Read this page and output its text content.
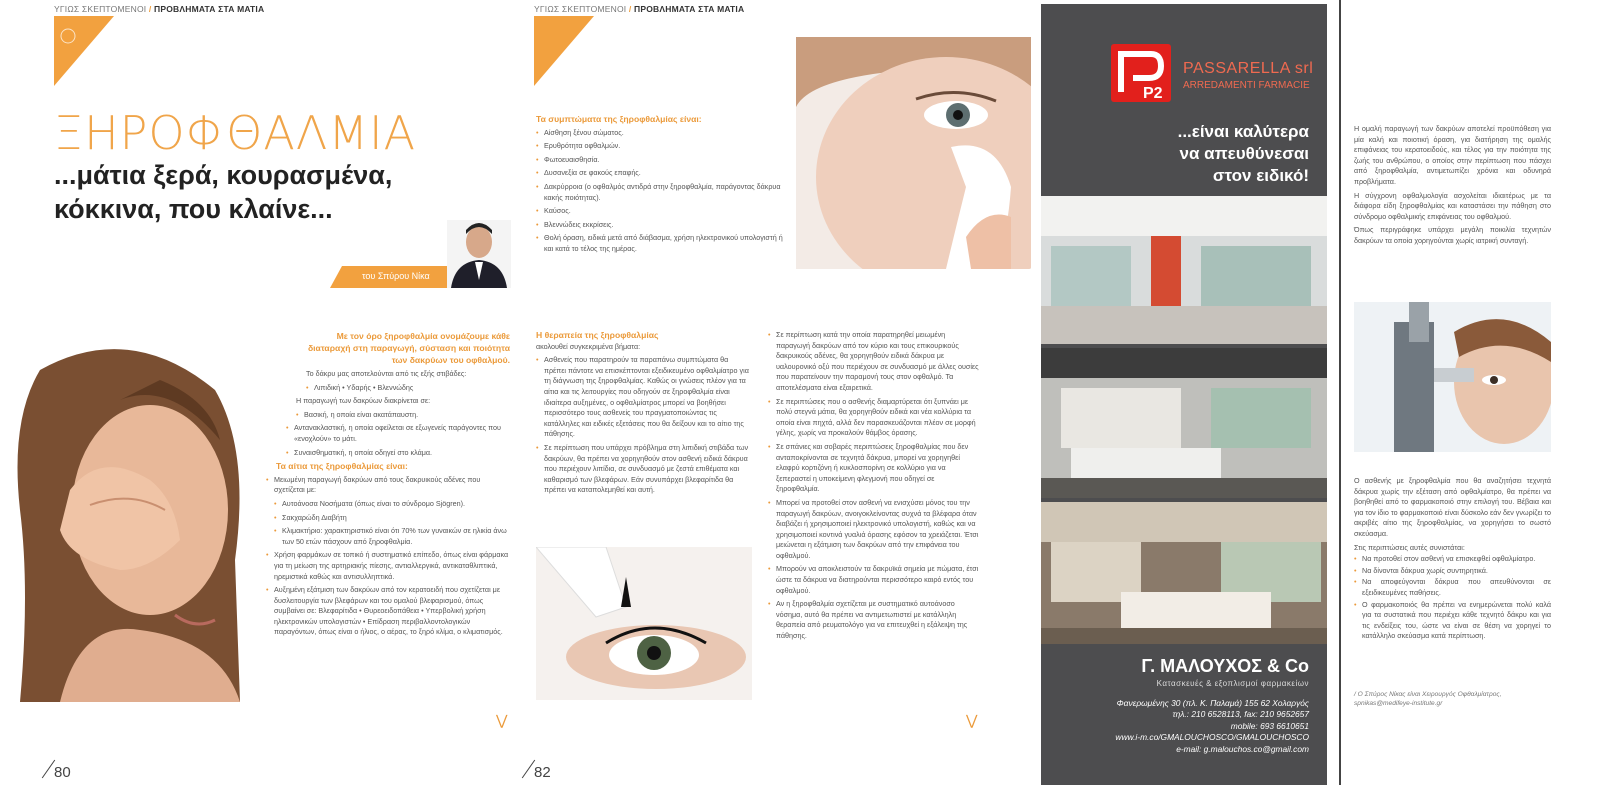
ΥΓΙΩΣ ΣΚΕΠΤΟΜΕΝΟΙ / ΠΡΟΒΛΗΜΑΤΑ ΣΤΑ ΜΑΤΙΑ
ΞΗΡΟΦΘΑΛΜΙΑ
...μάτια ξερά, κουρασμένα,
κόκκινα, που κλαίνε...
του Σπύρου Νίκα

Με τον όρο ξηροφθαλμία ονομάζουμε κάθε διαταραχή στη παραγωγή, σύσταση και ποιότητα των δακρύων του οφθαλμού.

Το δάκρυ μας αποτελούνται από τις εξής στιβάδες:

• Λιπιδική • Υδαρής • Βλεννώδης

Η παραγωγή των δακρύων διακρίνεται σε:

• Βασική, η οποία είναι ακατάπαυστη.

• Αντανακλαστική, η οποία οφείλεται σε εξωγενείς παράγοντες που «ενοχλούν» το μάτι.

• Συναισθηματική, η οποία οδηγεί στο κλάμα.

Τα αίτια της ξηροφθαλμίας είναι:

• Μειωμένη παραγωγή δακρύων από τους δακρυικούς αδένες που σχετίζεται με:

• Αυτοάνοσα Νοσήματα (όπως είναι το σύνδρομο Sjögren).

• Σακχαρώδη Διαβήτη

• Κλιμακτήριο: χαρακτηριστικό είναι ότι 70% των γυναικών σε ηλικία άνω των 50 ετών πάσχουν από ξηροφθαλμία.

• Χρήση φαρμάκων σε τοπικό ή συστηματικό επίπεδο, όπως είναι φάρμακα για τη μείωση της αρτηριακής πίεσης, αντιαλλεργικά, αντικαταθλιπτικά, ηρεμιστικά καθώς και αντισυλληπτικά.

• Αυξημένη εξάτμιση των δακρύων από τον κερατοειδή που σχετίζεται με δυσλειτουργία των βλεφάρων και του ομαλού βλεφαρισμού, όπως συμβαίνει σε: Βλεφαρίτιδα • Θυρεοειδοπάθεια • Υπερβολική χρήση ηλεκτρονικών υπολογιστών • Επίδραση περιβαλλοντολογικών παραγόντων, όπως είναι ο ήλιος, ο αέρας, το ξηρό κλίμα, ο κλιματισμός.

⋁
80
ΥΓΙΩΣ ΣΚΕΠΤΟΜΕΝΟΙ / ΠΡΟΒΛΗΜΑΤΑ ΣΤΑ ΜΑΤΙΑ
Τα συμπτώματα της ξηροφθαλμίας είναι:

• Αίσθηση ξένου σώματος.

• Ερυθρότητα οφθαλμών.

• Φωτοευαισθησία.

• Δυσανεξία σε φακούς επαφής.

• Δακρύρροια (ο οφθαλμός αντιδρά στην ξηροφθαλμία, παράγοντας δάκρυα κακής ποιότητας).

• Καύσος.

• Βλεννώδεις εκκρίσεις.

• Θολή όραση, ειδικά μετά από διάβασμα, χρήση ηλεκτρονικού υπολογιστή ή και κατά το τέλος της ημέρας.

Η θεραπεία της ξηροφθαλμίας

ακολουθεί συγκεκριμένα βήματα:

• Ασθενείς που παρατηρούν τα παραπάνω συμπτώματα θα πρέπει πάντοτε να επισκέπτονται εξειδικευμένο οφθαλμίατρο για τη διάγνωση της ξηροφθαλμίας. Καθώς οι γνώσεις πλέον για τα αίτια και τις λειτουργίες που οδηγούν σε ξηροφθαλμία είναι ιδιαίτερα αυξημένες, ο οφθαλμίατρος μπορεί να βοηθήσει περισσότερο τους ασθενείς του πραγματοποιώντας τις κατάλληλες και ειδικές εξετάσεις που θα δείξουν και το αίτιο της πάθησης.

• Σε περίπτωση που υπάρχει πρόβλημα στη λιπιδική στιβάδα των δακρύων, θα πρέπει να χορηγηθούν στον ασθενή ειδικά δάκρυα που περιέχουν λιπίδια, σε συνδυασμό με ζεστά επιθέματα και καθαρισμό των βλεφάρων. Εάν συνυπάρχει βλεφαρίτιδα θα πρέπει να καταπολεμηθεί και αυτή.

• Σε περίπτωση κατά την οποία παρατηρηθεί μειωμένη παραγωγή δακρύων από τον κύριο και τους επικουρικούς δακρυικούς αδένες, θα χορηγηθούν ειδικά δάκρυα με υαλουρονικό οξύ που περιέχουν σε συνδυασμό με άλλες ουσίες που παρατείνουν την παραμονή τους στον οφθαλμό. Τα αποτελέσματα είναι εξαιρετικά.

• Σε περιπτώσεις που ο ασθενής διαμαρτύρεται ότι ξυπνάει με πολύ στεγνά μάτια, θα χορηγηθούν ειδικά και νέα κολλύρια τα οποία είναι πηχτά, αλλά δεν παρασκευάζονται πλέον σε μορφή γέλης, χωρίς να προκαλούν θάμβος όρασης.

• Σε σπάνιες και σοβαρές περιπτώσεις ξηροφθαλμίας που δεν ανταποκρίνονται σε τεχνητά δάκρυα, μπορεί να χορηγηθεί ελαφρύ κορτιζόνη ή κυκλοσπορίνη σε κολλύριο για να ξεπεραστεί η υποκείμενη φλεγμονή που οδηγεί σε ξηροφθαλμία.

• Μπορεί να προτοθεί στον ασθενή να ενισχύσει μόνος του την παραγωγή δακρύων, ανοιγοκλείνοντας συχνά τα βλέφαρα όταν διαβάζει ή χρησιμοποιεί ηλεκτρονικό υπολογιστή, καθώς και να χρησιμοποιεί κοντινά γυαλιά όρασης εφόσον τα χρειάζεται. Έτσι μειώνεται η εξάτμιση των δακρύων από την επιφάνεια του οφθαλμού.

• Μπορούν να αποκλειστούν τα δακρυϊκά σημεία με πώματα, έτσι ώστε τα δάκρυα να διατηρούνται περισσότερο καιρό εντός του οφθαλμού.

• Αν η ξηροφθαλμία σχετίζεται με συστηματικό αυτοάνοσο νόσημα, αυτό θα πρέπει να αντιμετωπιστεί με κατάλληλη θεραπεία από ρευματολόγο για να επιτευχθεί η εξάλειψη της πάθησης.

⋁
82
P2
PASSARELLA srl
ARREDAMENTI FARMACIE
...είναι καλύτερα
να απευθύνεσαι
στον ειδικό!
Γ. ΜΑΛΟΥΧΟΣ & Co
Κατασκευές & εξοπλισμοί φαρμακείων
Φανερωμένης 30 (πλ. Κ. Παλαμά) 155 62 Χολαργός
τηλ.: 210 6528113, fax: 210 9652657
mobile: 693 6610651
www.i-m.co/GMALOUCHOSCO/GMALOUCHOSCO
e-mail: g.malouchos.co@gmail.com

Η ομαλή παραγωγή των δακρύων αποτελεί προϋπόθεση για μία καλή και ποιοτική όραση, για διατήρηση της ομαλής επιφάνειας του κερατοειδούς, και τέλος για την ποιότητα της ζωής του ανθρώπου, ο οποίος στην περίπτωση που πάσχει από ξηροφθαλμία, αντιμετωπίζει χρόνια και οδυνηρά προβλήματα.

Η σύγχρονη οφθαλμολογία ασχολείται ιδιαιτέρως με τα διάφορα είδη ξηροφθαλμίας και καταστάσει την πάθηση στο σύνδρομο οφθαλμικής επιφάνειας του οφθαλμού.

Όπως περιγράφηκε υπάρχει μεγάλη ποικιλία τεχνητών δακρύων τα οποία χορηγούνται χωρίς ιατρική συνταγή.

Ο ασθενής με ξηροφθαλμία που θα αναζητήσει τεχνητά δάκρυα χωρίς την εξέταση από οφθαλμίατρο, θα πρέπει να βοηθηθεί από το φαρμακοποιό στην επιλογή του. Βέβαια και για τον ίδιο το φαρμακοποιό είναι δύσκολο εάν δεν γνωρίζει το ακριβές αίτιο της ξηροφθαλμίας, να χορηγήσει το σωστό σκεύασμα.

Στις περιπτώσεις αυτές συνιστάται:

• Να προτοθεί στον ασθενή να επισκεφθεί οφθαλμίατρο.

• Να δίνονται δάκρυα χωρίς συντηρητικά.

• Να αποφεύγονται δάκρυα που απευθύνονται σε εξειδικευμένες παθήσεις.

• Ο φαρμακοποιός θα πρέπει να ενημερώνεται πολύ καλά για τα συστατικά που περιέχει κάθε τεχνητό δάκρυ και για τις ενδείξεις του, ώστε να είναι σε θέση να χορηγεί το κατάλληλο σκεύασμα κατά περίπτωση.

/ Ο Σπύρος Νίκας είναι Χειρουργός Οφθαλμίατρος, spnikas@medifeye-institute.gr
